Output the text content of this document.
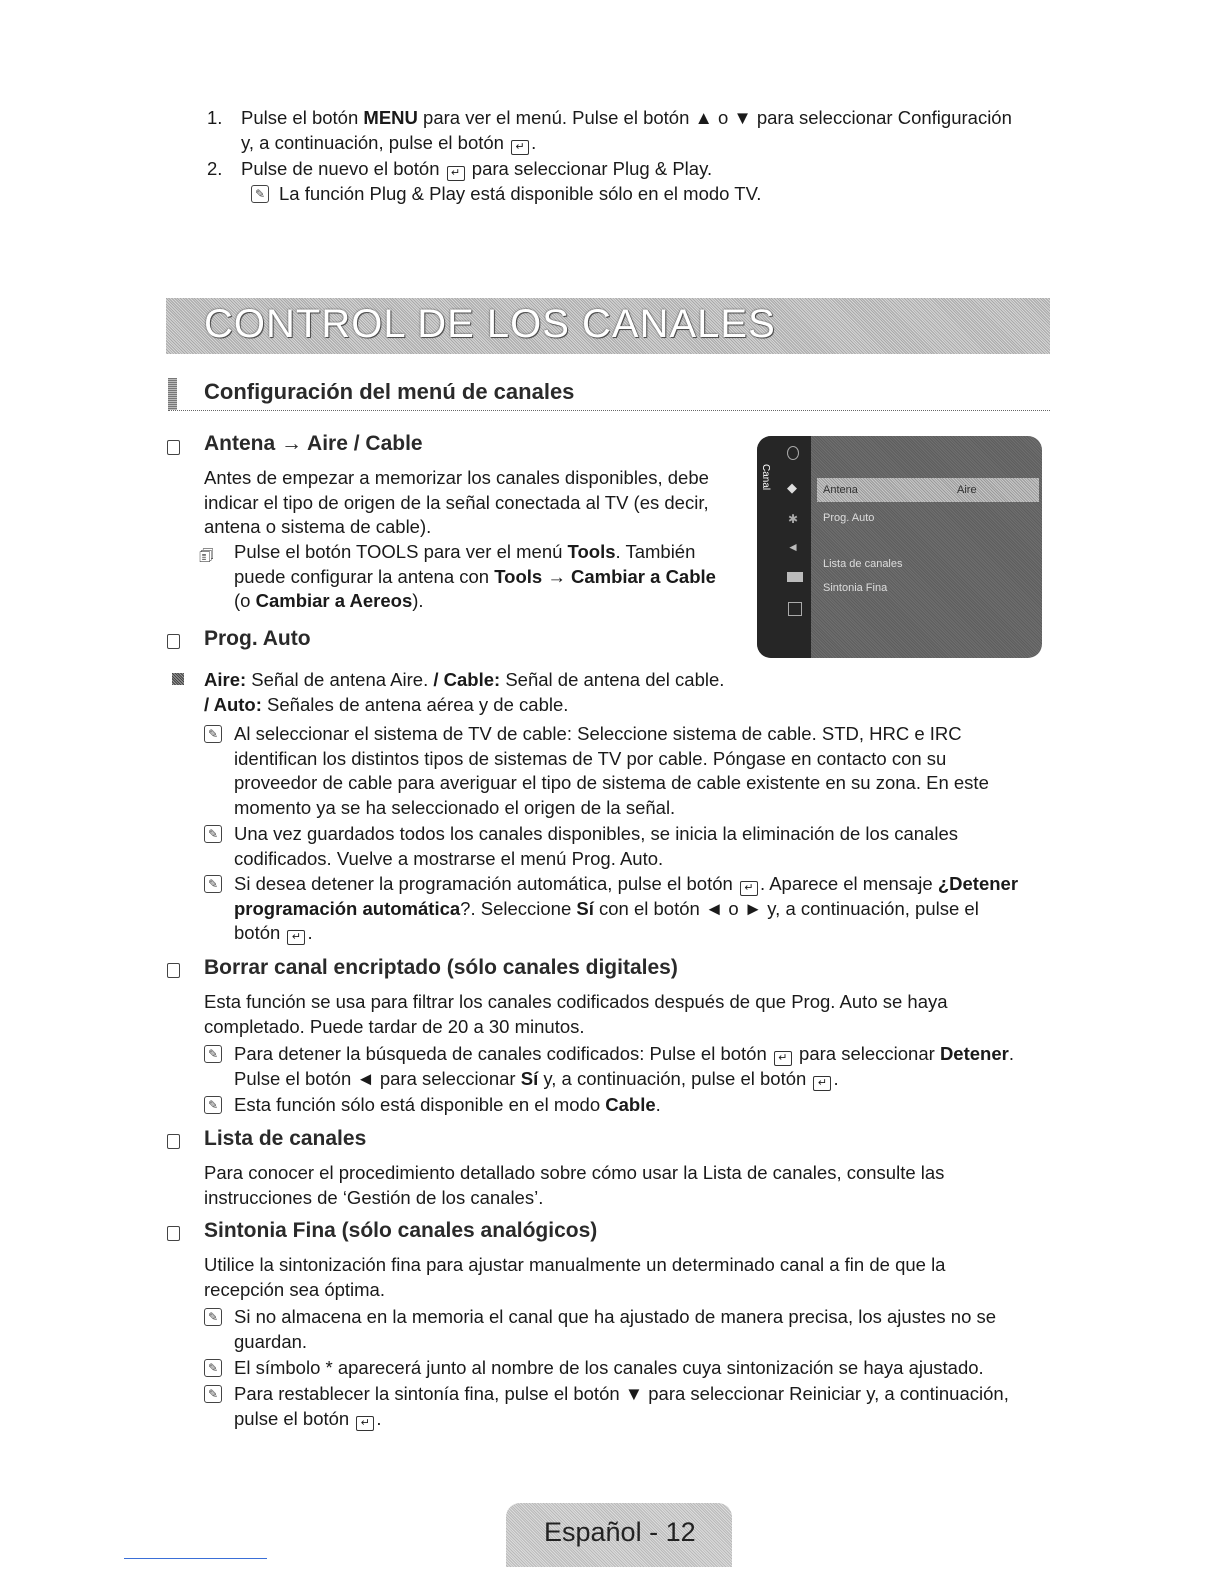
1. Pulse el botón MENU para ver el menú. Pulse el botón ▲ o ▼ para seleccionar Configuración
y, a continuación, pulse el botón ↵ .
2. Pulse de nuevo el botón ↵ para seleccionar Plug & Play.
✎ La función Plug & Play está disponible sólo en el modo TV.
CONTROL DE LOS CANALES
Configuración del menú de canales
Antena → Aire / Cable
Antes de empezar a memorizar los canales disponibles, debe
indicar el tipo de origen de la señal conectada al TV (es decir,
antena o sistema de cable).
🗊 Pulse el botón TOOLS para ver el menú Tools. También
puede configurar la antena con Tools → Cambiar a Cable
(o Cambiar a Aereos).
Canal ◆
✱
◄
Antena	Aire
Prog. Auto
Lista de canales
Sintonia Fina
Prog. Auto
Aire: Señal de antena Aire. / Cable: Señal de antena del cable.
/ Auto: Señales de antena aérea y de cable.
✎ Al seleccionar el sistema de TV de cable: Seleccione sistema de cable. STD, HRC e IRC
identifican los distintos tipos de sistemas de TV por cable. Póngase en contacto con su
proveedor de cable para averiguar el tipo de sistema de cable existente en su zona. En este
momento ya se ha seleccionado el origen de la señal.
✎ Una vez guardados todos los canales disponibles, se inicia la eliminación de los canales
codificados. Vuelve a mostrarse el menú Prog. Auto.
✎ Si desea detener la programación automática, pulse el botón ↵ . Aparece el mensaje ¿Detener
programación automática?. Seleccione Sí con el botón ◄ o ► y, a continuación, pulse el
botón ↵ .
Borrar canal encriptado (sólo canales digitales)
Esta función se usa para filtrar los canales codificados después de que Prog. Auto se haya
completado. Puede tardar de 20 a 30 minutos.
✎ Para detener la búsqueda de canales codificados: Pulse el botón ↵ para seleccionar Detener.
Pulse el botón ◄ para seleccionar Sí y, a continuación, pulse el botón ↵ .
✎ Esta función sólo está disponible en el modo Cable.
Lista de canales
Para conocer el procedimiento detallado sobre cómo usar la Lista de canales, consulte las
instrucciones de ‘Gestión de los canales’.
Sintonia Fina (sólo canales analógicos)
Utilice la sintonización fina para ajustar manualmente un determinado canal a fin de que la
recepción sea óptima.
✎ Si no almacena en la memoria el canal que ha ajustado de manera precisa, los ajustes no se
guardan.
✎ El símbolo * aparecerá junto al nombre de los canales cuya sintonización se haya ajustado.
✎ Para restablecer la sintonía fina, pulse el botón ▼ para seleccionar Reiniciar y, a continuación,
pulse el botón ↵ .
Español - 12
